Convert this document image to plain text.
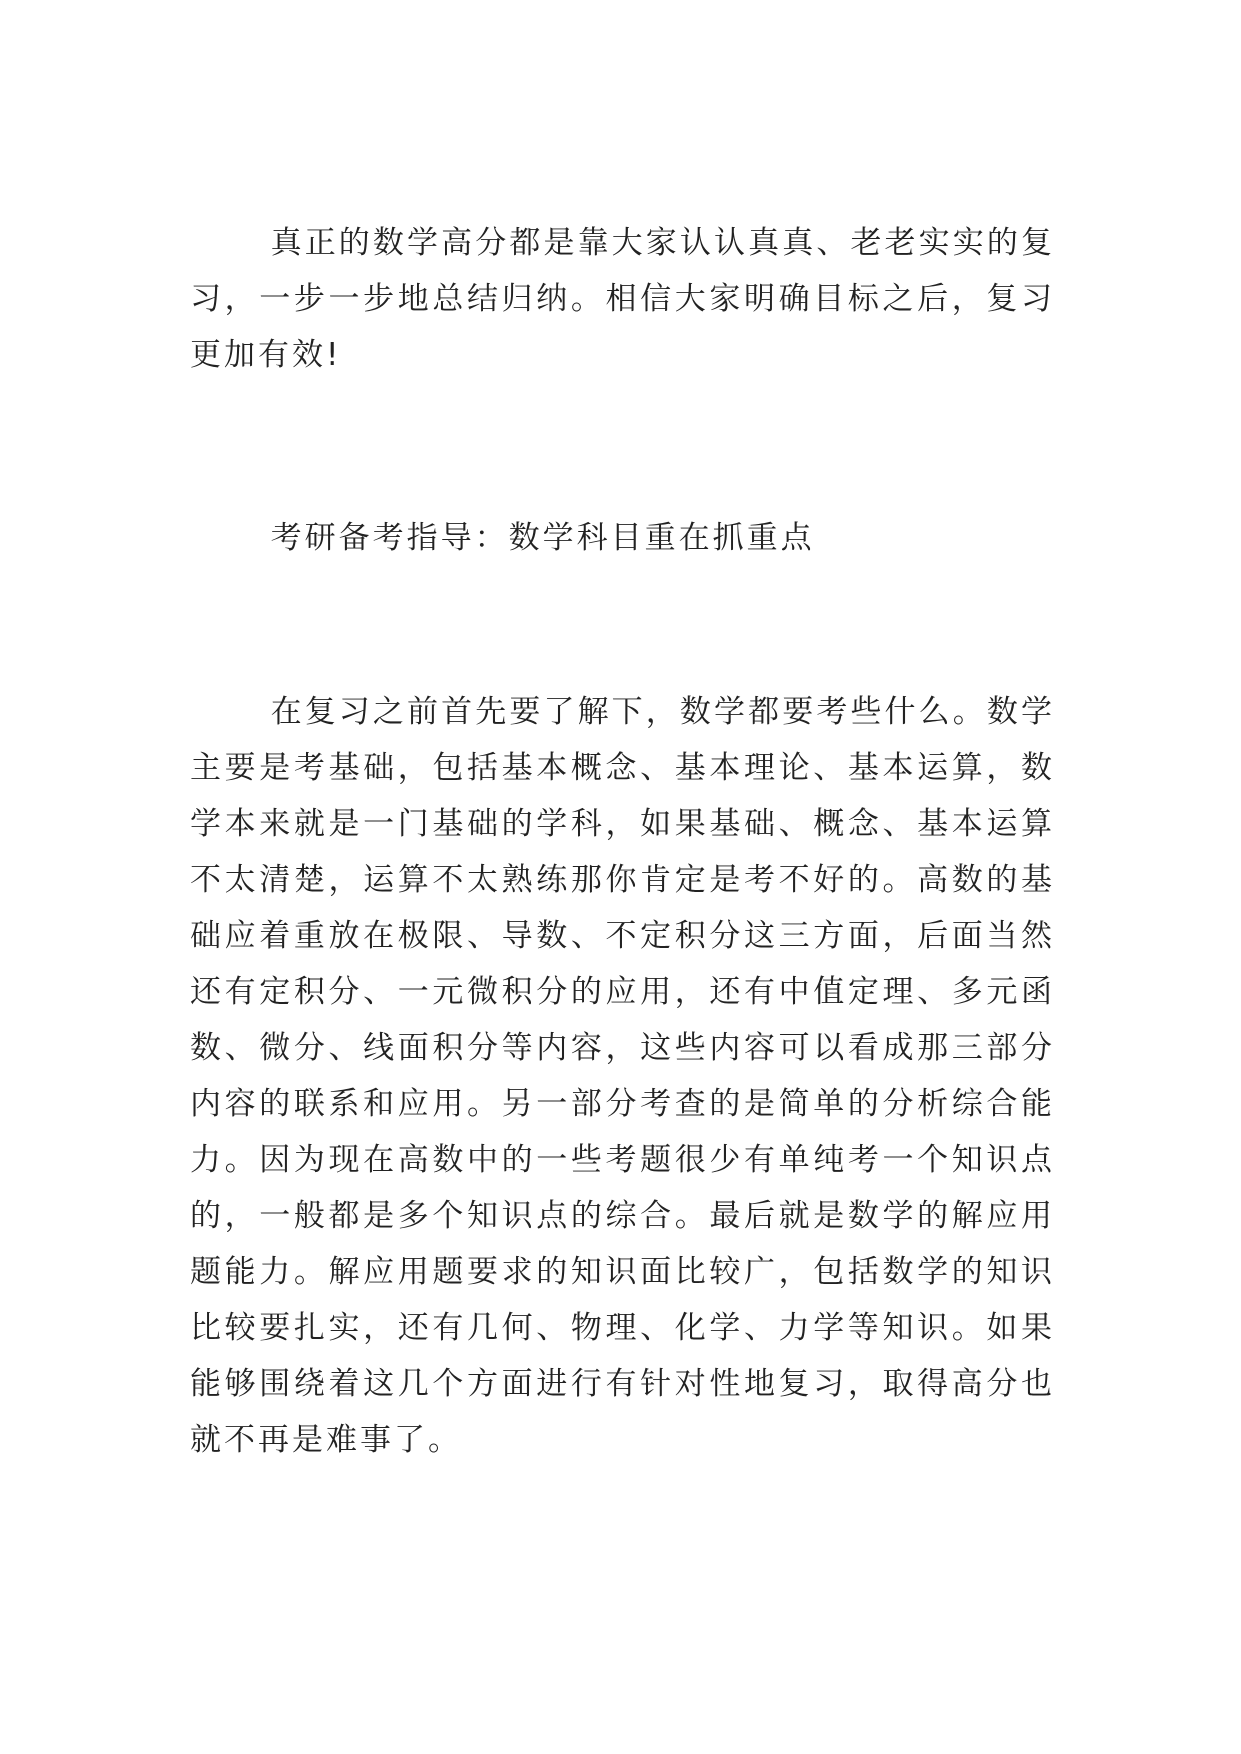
真正的数学高分都是靠大家认认真真、老老实实的复习，一步一步地总结归纳。相信大家明确目标之后，复习更加有效!

考研备考指导：数学科目重在抓重点

在复习之前首先要了解下，数学都要考些什么。数学主要是考基础，包括基本概念、基本理论、基本运算，数学本来就是一门基础的学科，如果基础、概念、基本运算不太清楚，运算不太熟练那你肯定是考不好的。高数的基础应着重放在极限、导数、不定积分这三方面，后面当然还有定积分、一元微积分的应用，还有中值定理、多元函数、微分、线面积分等内容，这些内容可以看成那三部分内容的联系和应用。另一部分考查的是简单的分析综合能力。因为现在高数中的一些考题很少有单纯考一个知识点的，一般都是多个知识点的综合。最后就是数学的解应用题能力。解应用题要求的知识面比较广，包括数学的知识比较要扎实，还有几何、物理、化学、力学等知识。如果能够围绕着这几个方面进行有针对性地复习，取得高分也就不再是难事了。
